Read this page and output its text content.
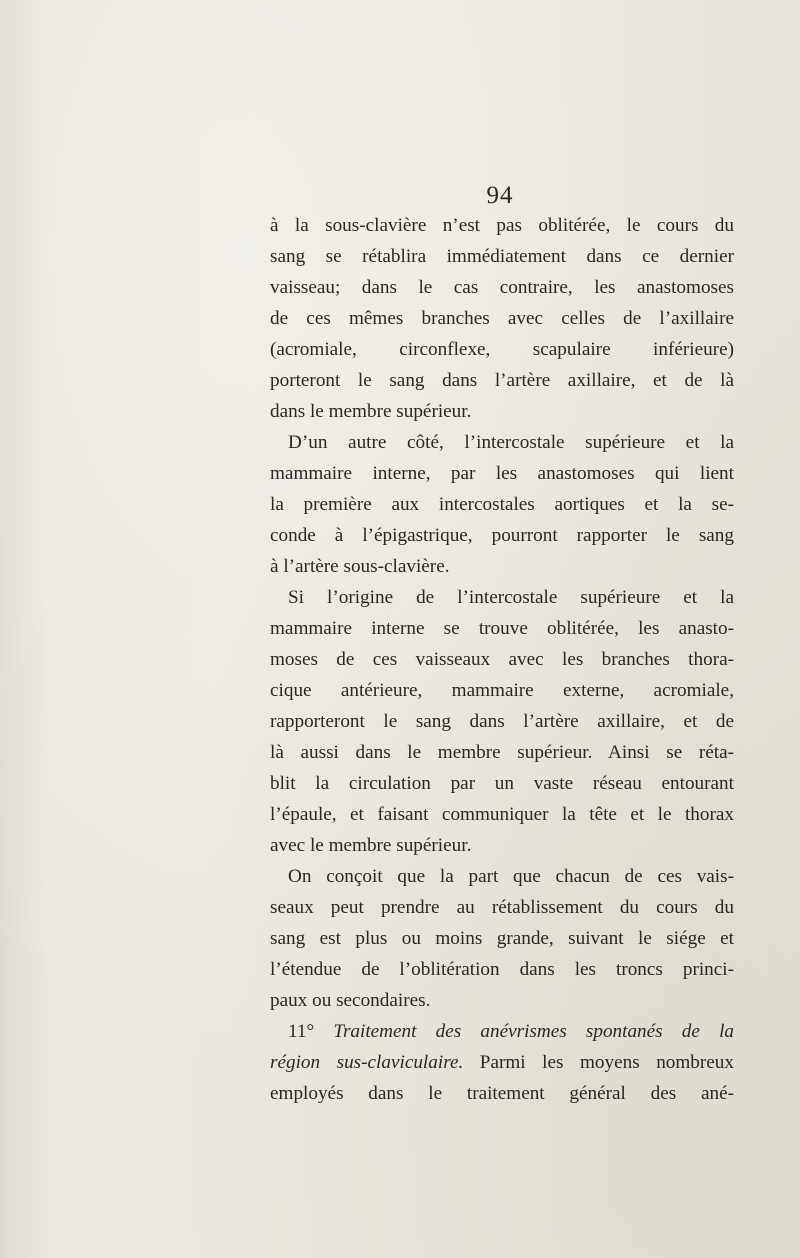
94
à la sous-clavière n’est pas oblitérée, le cours du
sang se rétablira immédiatement dans ce dernier
vaisseau; dans le cas contraire, les anastomoses
de ces mêmes branches avec celles de l’axillaire
(acromiale, circonflexe, scapulaire inférieure)
porteront le sang dans l’artère axillaire, et de là
dans le membre supérieur.
D’un autre côté, l’intercostale supérieure et la
mammaire interne, par les anastomoses qui lient
la première aux intercostales aortiques et la se-
conde à l’épigastrique, pourront rapporter le sang
à l’artère sous-clavière.
Si l’origine de l’intercostale supérieure et la
mammaire interne se trouve oblitérée, les anasto-
moses de ces vaisseaux avec les branches thora-
cique antérieure, mammaire externe, acromiale,
rapporteront le sang dans l’artère axillaire, et de
là aussi dans le membre supérieur. Ainsi se réta-
blit la circulation par un vaste réseau entourant
l’épaule, et faisant communiquer la tête et le thorax
avec le membre supérieur.
On conçoit que la part que chacun de ces vais-
seaux peut prendre au rétablissement du cours du
sang est plus ou moins grande, suivant le siége et
l’étendue de l’oblitération dans les troncs princi-
paux ou secondaires.
11° Traitement des anévrismes spontanés de la
région sus-claviculaire. Parmi les moyens nombreux
employés dans le traitement général des ané-
